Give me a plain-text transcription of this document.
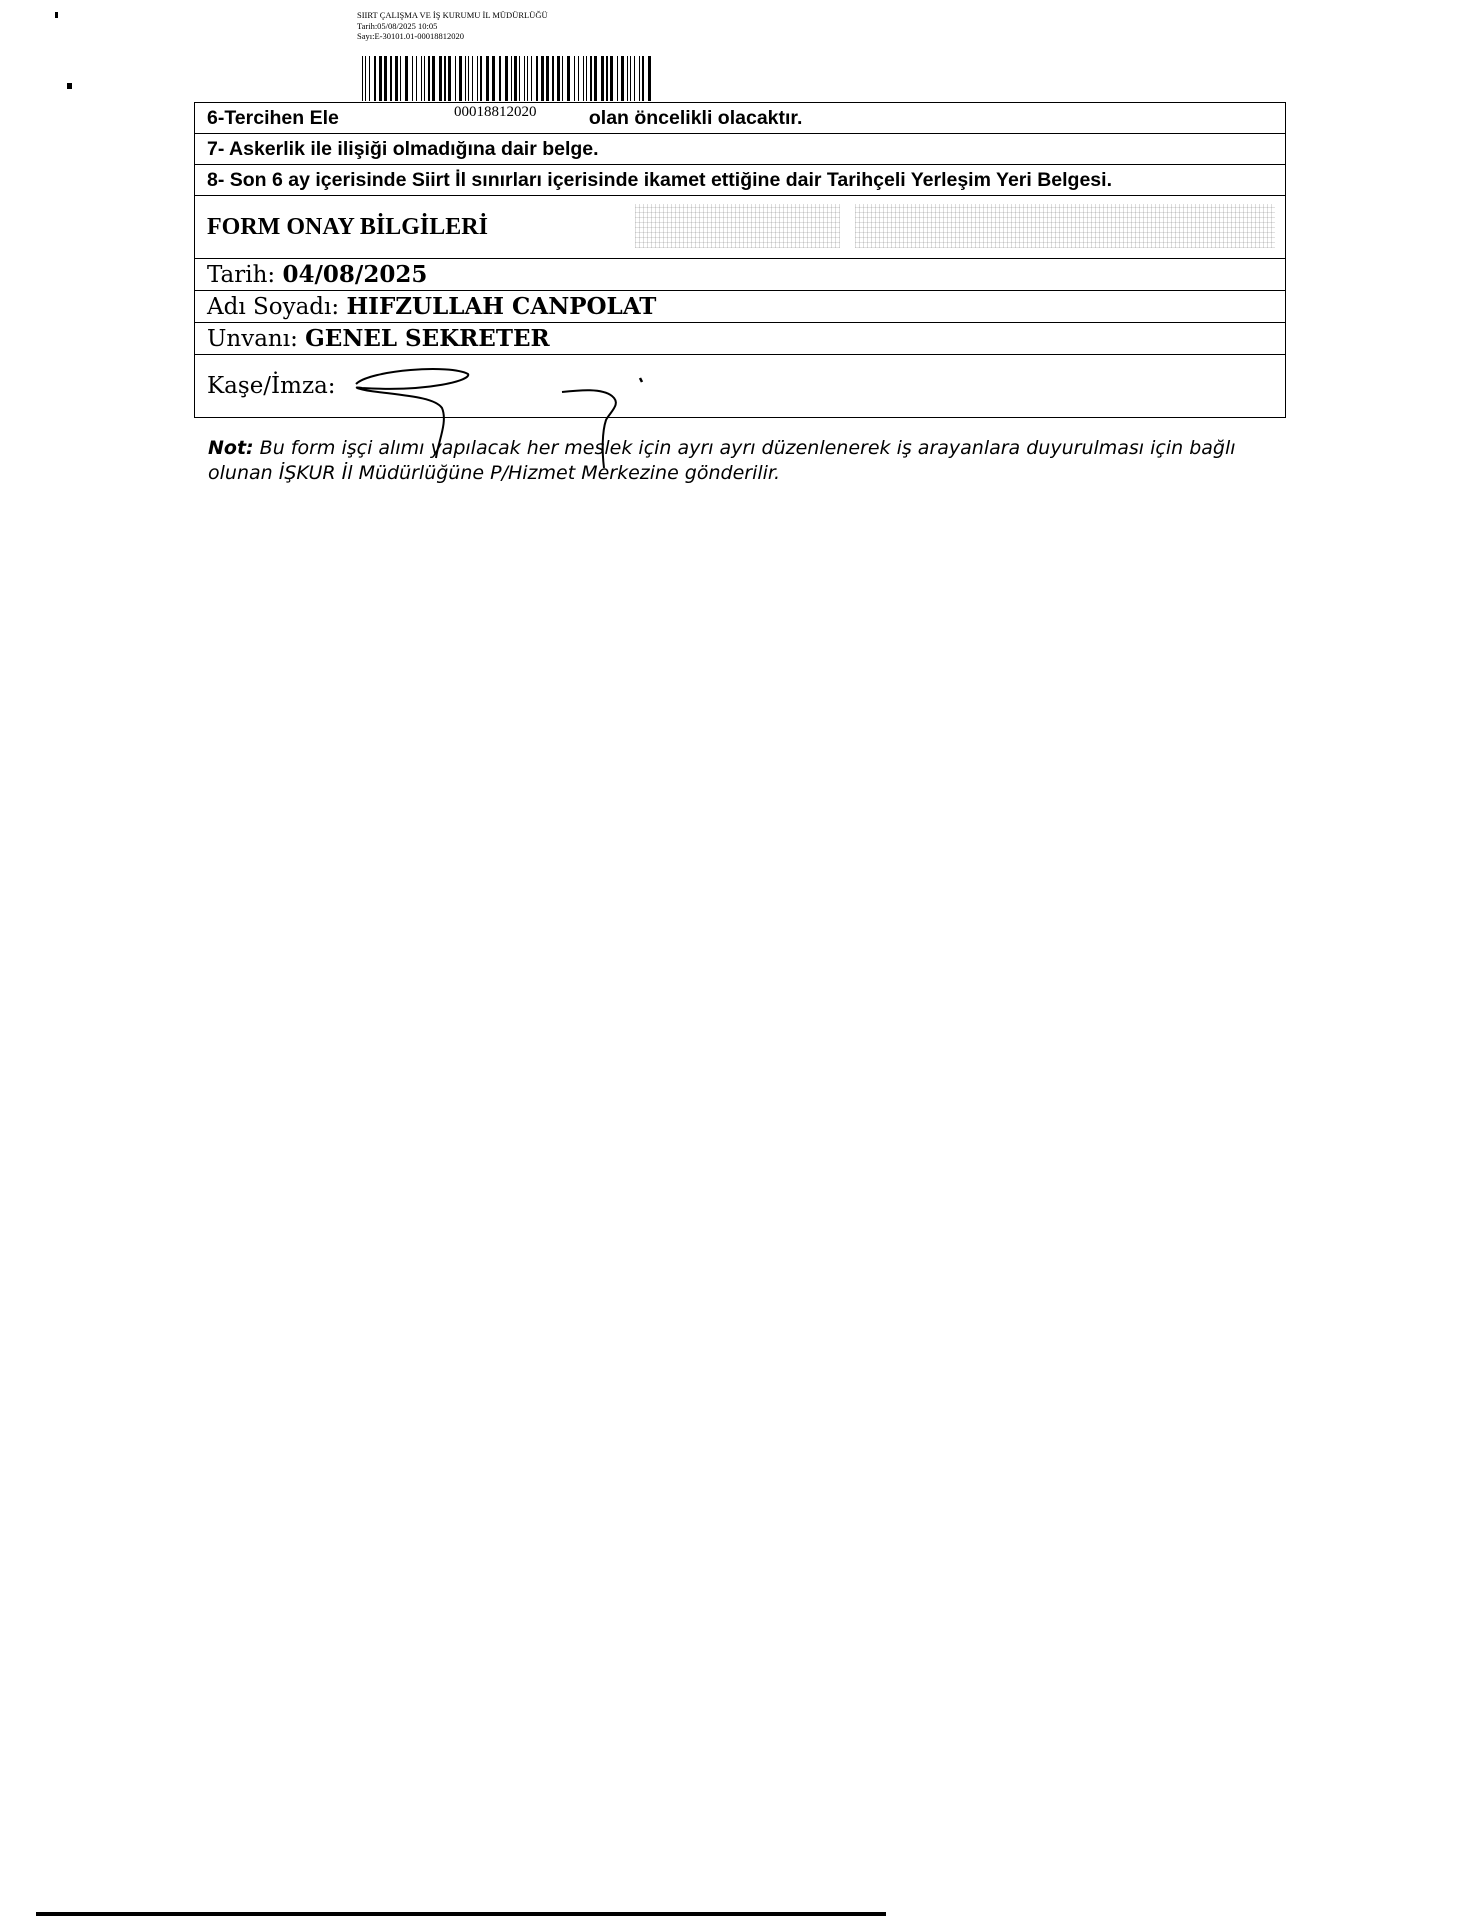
SIIRT ÇALIŞMA VE İŞ KURUMU İL MÜDÜRLÜĞÜ
Tarih:05/08/2025 10:05
Sayı:E-30101.01-00018812020
00018812020
6-Tercihen Ele	olan öncelikli olacaktır.
7- Askerlik ile ilişiği olmadığına dair belge.
8- Son 6 ay içerisinde Siirt İl sınırları içerisinde ikamet ettiğine dair Tarihçeli Yerleşim Yeri Belgesi.
FORM ONAY BİLGİLERİ

Tarih: 04/08/2025
Adı Soyadı: HIFZULLAH CANPOLAT
Unvanı: GENEL SEKRETER
Kaşe/İmza:
Not: Bu form işçi alımı yapılacak her meslek için ayrı ayrı düzenlenerek iş arayanlara duyurulması için bağlı olunan İŞKUR İl Müdürlüğüne P/Hizmet Merkezine gönderilir.
